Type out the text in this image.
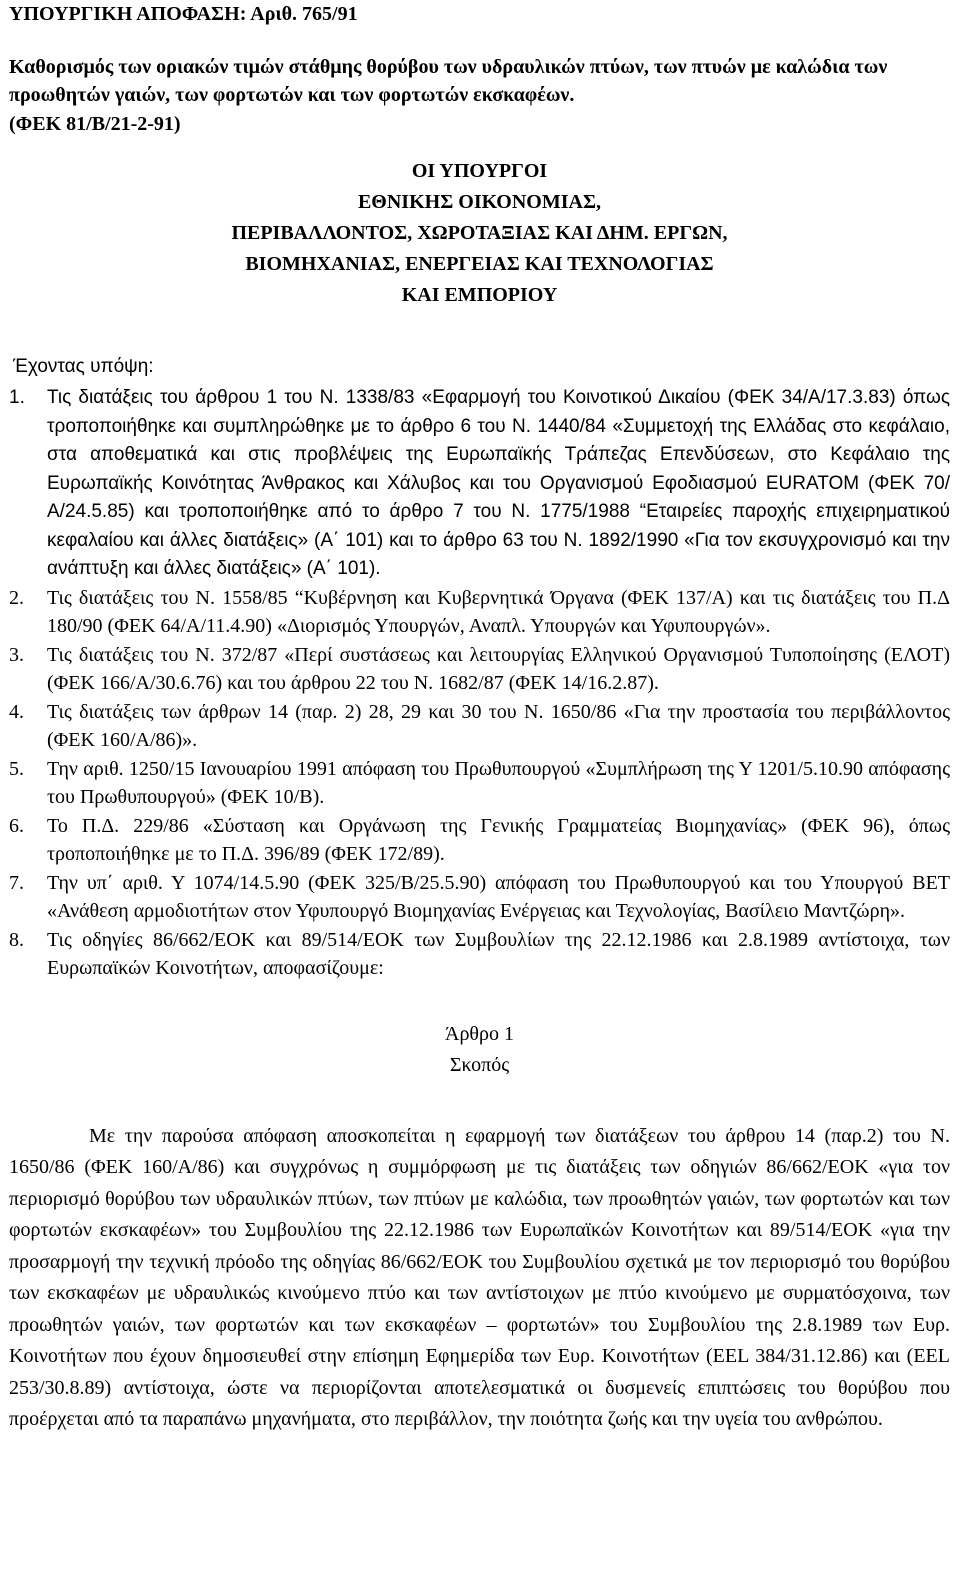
ΥΠΟΥΡΓΙΚΗ ΑΠΟΦΑΣΗ: Αριθ. 765/91

Καθορισμός των οριακών τιμών στάθμης θορύβου των υδραυλικών πτύων, των πτυών με καλώδια των προωθητών γαιών, των φορτωτών και των φορτωτών εκσκαφέων.

(ΦΕΚ 81/Β/21-2-91)

ΟΙ ΥΠΟΥΡΓΟΙ
ΕΘΝΙΚΗΣ ΟΙΚΟΝΟΜΙΑΣ,
ΠΕΡΙΒΑΛΛΟΝΤΟΣ, ΧΩΡΟΤΑΞΙΑΣ ΚΑΙ ΔΗΜ. ΕΡΓΩΝ,
ΒΙΟΜΗΧΑΝΙΑΣ, ΕΝΕΡΓΕΙΑΣ ΚΑΙ ΤΕΧΝΟΛΟΓΙΑΣ
ΚΑΙ ΕΜΠΟΡΙΟΥ
Έχοντας υπόψη:
1.	Τις διατάξεις του άρθρου 1 του Ν. 1338/83 «Εφαρμογή του Κοινοτικού Δικαίου (ΦΕΚ 34/Α/17.3.83) όπως τροποποιήθηκε και συμπληρώθηκε με το άρθρο 6 του Ν. 1440/84 «Συμμετοχή της Ελλάδας στο κεφάλαιο, στα αποθεματικά και στις προβλέψεις της Ευρωπαϊκής Τράπεζας Επενδύσεων, στο Κεφάλαιο της Ευρωπαϊκής Κοινότητας Άνθρακος και Χάλυβος και του Οργανισμού Εφοδιασμού EURATOM (ΦΕΚ 70/Α/24.5.85) και τροποποιήθηκε από το άρθρο 7 του Ν. 1775/1988 “Εταιρείες παροχής επιχειρηματικού κεφαλαίου και άλλες διατάξεις» (Α΄ 101) και το άρθρο 63 του Ν. 1892/1990 «Για τον εκσυγχρονισμό και την ανάπτυξη και άλλες διατάξεις» (Α΄ 101).
2.	Τις διατάξεις του Ν. 1558/85 “Κυβέρνηση και Κυβερνητικά Όργανα (ΦΕΚ 137/Α) και τις διατάξεις του Π.Δ 180/90 (ΦΕΚ 64/Α/11.4.90) «Διορισμός Υπουργών, Αναπλ. Υπουργών και Υφυπουργών».
3.	Τις διατάξεις του Ν. 372/87 «Περί συστάσεως και λειτουργίας Ελληνικού Οργανισμού Τυποποίησης (ΕΛΟΤ) (ΦΕΚ 166/Α/30.6.76) και του άρθρου 22 του Ν. 1682/87 (ΦΕΚ 14/16.2.87).
4.	Τις διατάξεις των άρθρων 14 (παρ. 2) 28, 29 και 30 του Ν. 1650/86 «Για την προστασία του περιβάλλοντος (ΦΕΚ 160/Α/86)».
5.	Την αριθ. 1250/15 Ιανουαρίου 1991 απόφαση του Πρωθυπουργού «Συμπλήρωση της Υ 1201/5.10.90 απόφασης του Πρωθυπουργού» (ΦΕΚ 10/Β).
6.	Το Π.Δ. 229/86 «Σύσταση και Οργάνωση της Γενικής Γραμματείας Βιομηχανίας» (ΦΕΚ 96), όπως τροποποιήθηκε με το Π.Δ. 396/89 (ΦΕΚ 172/89).
7.	Την υπ΄ αριθ. Υ 1074/14.5.90 (ΦΕΚ 325/Β/25.5.90) απόφαση του Πρωθυπουργού και του Υπουργού ΒΕΤ «Ανάθεση αρμοδιοτήτων στον Υφυπουργό Βιομηχανίας Ενέργειας και Τεχνολογίας, Βασίλειο Μαντζώρη».
8.	Τις οδηγίες 86/662/ΕΟΚ και 89/514/ΕΟΚ των Συμβουλίων της 22.12.1986 και 2.8.1989 αντίστοιχα, των Ευρωπαϊκών Κοινοτήτων, αποφασίζουμε:
Άρθρο 1
Σκοπός

Με την παρούσα απόφαση αποσκοπείται η εφαρμογή των διατάξεων του άρθρου 14 (παρ.2) του Ν. 1650/86 (ΦΕΚ 160/Α/86) και συγχρόνως η συμμόρφωση με τις διατάξεις των οδηγιών 86/662/ΕΟΚ «για τον περιορισμό θορύβου των υδραυλικών πτύων, των πτύων με καλώδια, των προωθητών γαιών, των φορτωτών και των φορτωτών εκσκαφέων» του Συμβουλίου της 22.12.1986 των Ευρωπαϊκών Κοινοτήτων και 89/514/ΕΟΚ «για την προσαρμογή την τεχνική πρόοδο της οδηγίας 86/662/ΕΟΚ του Συμβουλίου σχετικά με τον περιορισμό του θορύβου των εκσκαφέων με υδραυλικώς κινούμενο πτύο και των αντίστοιχων με πτύο κινούμενο με συρματόσχοινα, των προωθητών γαιών, των φορτωτών και των εκσκαφέων – φορτωτών» του Συμβουλίου της 2.8.1989 των Ευρ. Κοινοτήτων που έχουν δημοσιευθεί στην επίσημη Εφημερίδα των Ευρ. Κοινοτήτων (EEL 384/31.12.86) και (EEL 253/30.8.89) αντίστοιχα, ώστε να περιορίζονται αποτελεσματικά οι δυσμενείς επιπτώσεις του θορύβου που προέρχεται από τα παραπάνω μηχανήματα, στο περιβάλλον, την ποιότητα ζωής και την υγεία του ανθρώπου.
